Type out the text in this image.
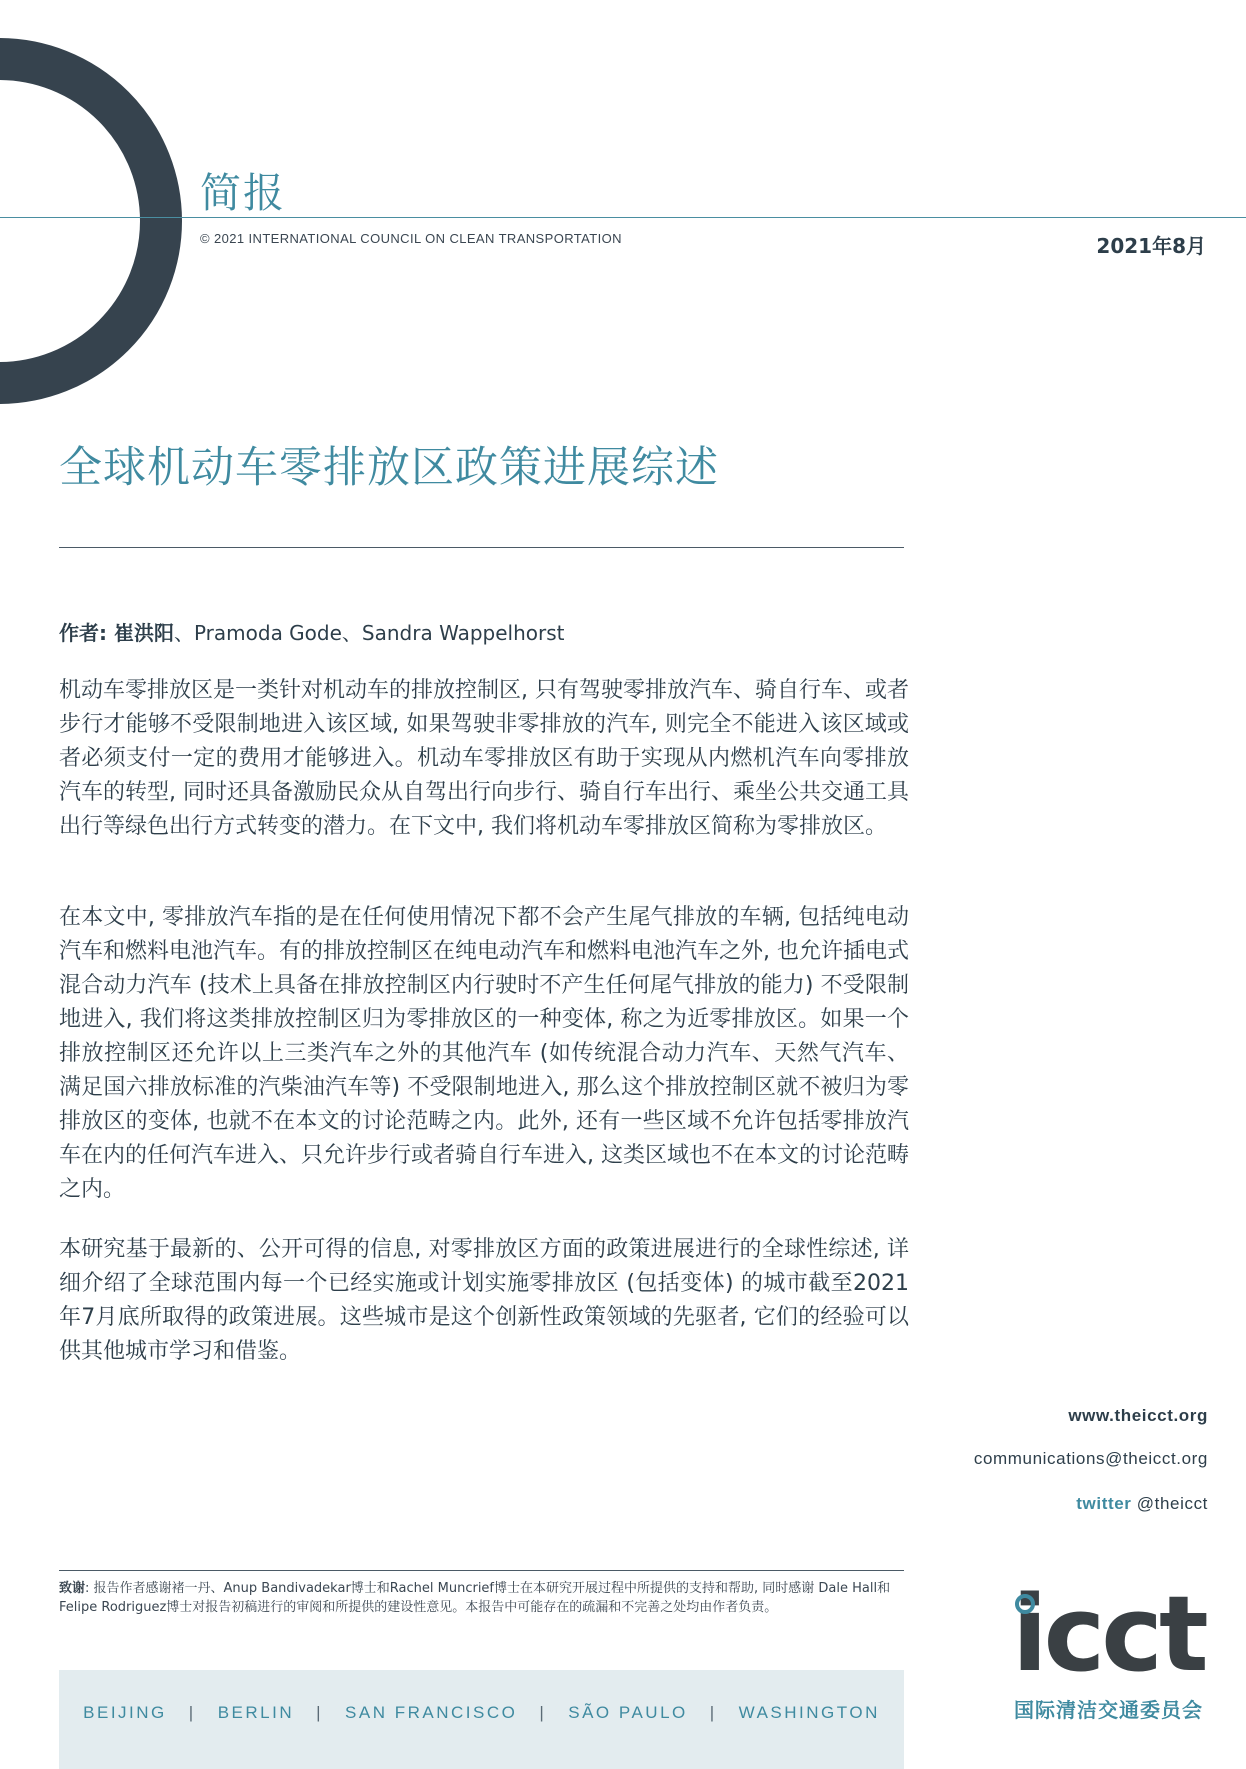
简报
© 2021 INTERNATIONAL COUNCIL ON CLEAN TRANSPORTATION	2021年8月
全球机动车零排放区政策进展综述
作者: 崔洪阳、Pramoda Gode、Sandra Wappelhorst

机动车零排放区是一类针对机动车的排放控制区, 只有驾驶零排放汽车、骑自行车、或者步行才能够不受限制地进入该区域, 如果驾驶非零排放的汽车, 则完全不能进入该区域或者必须支付一定的费用才能够进入。机动车零排放区有助于实现从内燃机汽车向零排放汽车的转型, 同时还具备激励民众从自驾出行向步行、骑自行车出行、乘坐公共交通工具出行等绿色出行方式转变的潜力。在下文中, 我们将机动车零排放区简称为零排放区。

在本文中, 零排放汽车指的是在任何使用情况下都不会产生尾气排放的车辆, 包括纯电动汽车和燃料电池汽车。有的排放控制区在纯电动汽车和燃料电池汽车之外, 也允许插电式混合动力汽车 (技术上具备在排放控制区内行驶时不产生任何尾气排放的能力) 不受限制地进入, 我们将这类排放控制区归为零排放区的一种变体, 称之为近零排放区。如果一个排放控制区还允许以上三类汽车之外的其他汽车 (如传统混合动力汽车、天然气汽车、满足国六排放标准的汽柴油汽车等) 不受限制地进入, 那么这个排放控制区就不被归为零排放区的变体, 也就不在本文的讨论范畴之内。此外, 还有一些区域不允许包括零排放汽车在内的任何汽车进入、只允许步行或者骑自行车进入, 这类区域也不在本文的讨论范畴之内。

本研究基于最新的、公开可得的信息, 对零排放区方面的政策进展进行的全球性综述, 详细介绍了全球范围内每一个已经实施或计划实施零排放区 (包括变体) 的城市截至2021年7月底所取得的政策进展。这些城市是这个创新性政策领域的先驱者, 它们的经验可以供其他城市学习和借鉴。

www.theicct.org
communications@theicct.org
twitter @theicct
致谢: 报告作者感谢褚一丹、Anup Bandivadekar博士和Rachel Muncrief博士在本研究开展过程中所提供的支持和帮助, 同时感谢 Dale Hall和Felipe Rodriguez博士对报告初稿进行的审阅和所提供的建设性意见。本报告中可能存在的疏漏和不完善之处均由作者负责。
BEIJING | BERLIN | SAN FRANCISCO | SÃO PAULO | WASHINGTON
icct
国际清洁交通委员会
